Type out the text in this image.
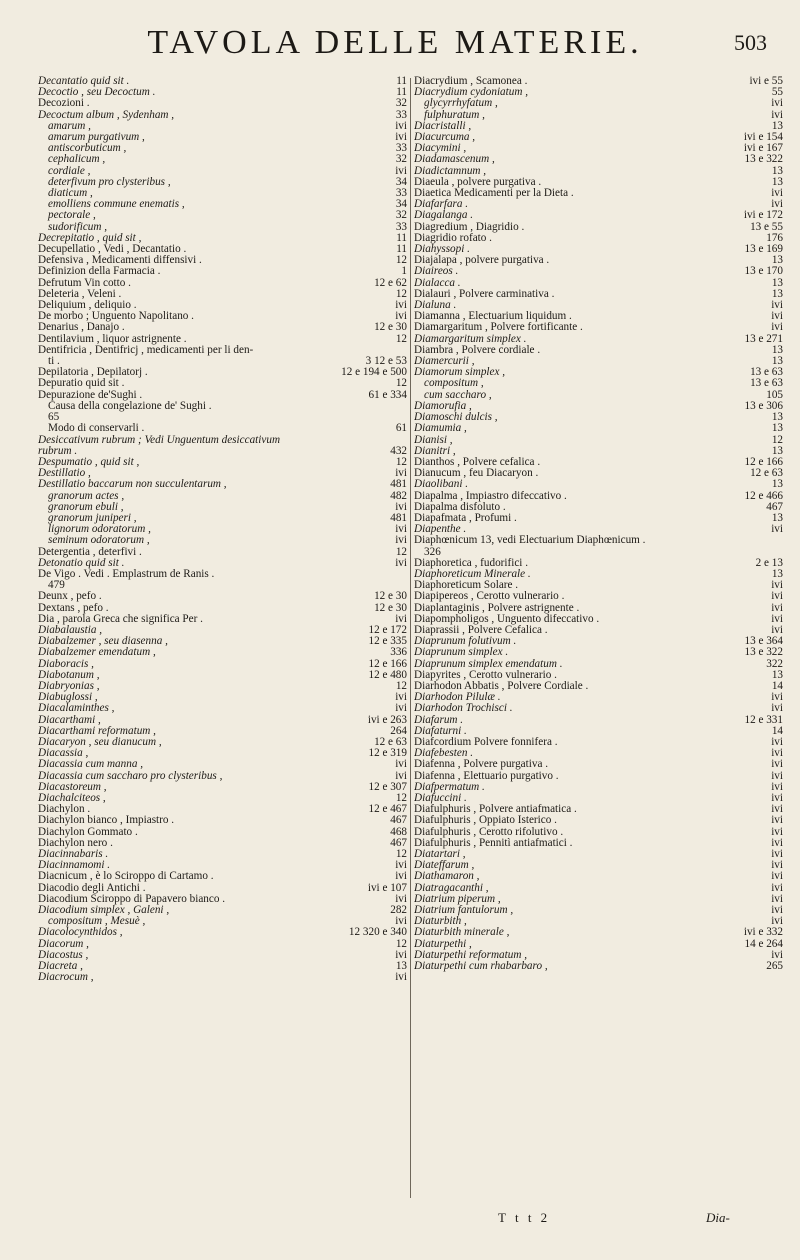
TAVOLA DELLE MATERIE.	503
Decantatio quid sit .	11
Decoctio , seu Decoctum .	11
Decozioni .	32
Decoctum album , Sydenham ,	33
amarum ,	ivi
amarum purgativum ,	ivi
antiscorbuticum ,	33
cephalicum ,	32
cordiale ,	ivi
deterfivum pro clysteribus ,	34
diaticum ,	33
emolliens commune enematis ,	34
pectorale ,	32
sudorificum ,	33
Decrepitatio , quid sit ,	11
Decupellatio , Vedi , Decantatio .	11
Defensiva , Medicamenti diffensivi .	12
Definizion della Farmacia .	1
Defrutum Vin cotto .	12 e 62
Deleteria , Veleni .	12
Deliquium , deliquio .	ivi
De morbo ; Unguento Napolitano .	ivi
Denarius , Danajo .	12 e 30
Dentilavium , liquor astrignente .	12
Dentifricia , Dentifricj , medicamenti per li den-
ti .	3 12 e 53
Depilatoria , Depilatorj .	12 e 194 e 500
Depuratio quid sit .	12
Depurazione de'Sughi .	61 e 334
Causa della congelazione de' Sughi .
65
Modo di conservarli .	61
Desiccativum rubrum ; Vedi Unguentum desiccativum
rubrum .	432
Despumatio , quid sit ,	12
Destillatio ,	ivi
Destillatio baccarum non succulentarum ,	481
granorum actes ,	482
granorum ebuli ,	ivi
granorum juniperi ,	481
lignorum odoratorum ,	ivi
seminum odoratorum ,	ivi
Detergentia , deterfivi .	12
Detonatio quid sit .	ivi
De Vigo . Vedi . Emplastrum de Ranis .
479
Deunx , pefo .	12 e 30
Dextans , pefo .	12 e 30
Dia , parola Greca che significa Per .	ivi
Diabalaustia ,	12 e 172
Diabalzemer , seu diasenna ,	12 e 335
Diabalzemer emendatum ,	336
Diaboracis ,	12 e 166
Diabotanum ,	12 e 480
Diabryonias ,	12
Diabuglossi ,	ivi
Diacalaminthes ,	ivi
Diacarthami ,	ivi e 263
Diacarthami reformatum ,	264
Diacaryon , seu dianucum ,	12 e 63
Diacassia ,	12 e 319
Diacassia cum manna ,	ivi
Diacassia cum saccharo pro clysteribus ,	ivi
Diacastoreum ,	12 e 307
Diachalciteos ,	12
Diachylon .	12 e 467
Diachylon bianco , Impiastro .	467
Diachylon Gommato .	468
Diachylon nero .	467
Diacinnabaris .	12
Diacinnamomi .	ivi
Diacnicum , è lo Sciroppo di Cartamo .	ivi
Diacodio degli Antichi .	ivi e 107
Diacodium Sciroppo di Papavero bianco .	ivi
Diacodium simplex , Galeni ,	282
compositum , Mesuè ,	ivi
Diacolocynthidos ,	12 320 e 340
Diacorum ,	12
Diacostus ,	ivi
Diacreta ,	13
Diacrocum ,	ivi
Diacrydium , Scamonea .	ivi e 55
Diacrydium cydoniatum ,	55
glycyrrhyfatum ,	ivi
fulphuratum ,	ivi
Diacristalli ,	13
Diacurcuma ,	ivi e 154
Diacymini ,	ivi e 167
Diadamascenum ,	13 e 322
Diadictamnum ,	13
Diaeula , polvere purgativa .	13
Diaetica Medicamenti per la Dieta .	ivi
Diafarfara .	ivi
Diagalanga .	ivi e 172
Diagredium , Diagridio .	13 e 55
Diagridio rofato .	176
Diahyssopi .	13 e 169
Diajalapa , polvere purgativa .	13
Diaireos .	13 e 170
Dialacca .	13
Dialauri , Polvere carminativa .	13
Dialuna .	ivi
Diamanna , Electuarium liquidum .	ivi
Diamargaritum , Polvere fortificante .	ivi
Diamargaritum simplex .	13 e 271
Diambra , Polvere cordiale .	13
Diamercurii ,	13
Diamorum simplex ,	13 e 63
compositum ,	13 e 63
cum saccharo ,	105
Diamorufia ,	13 e 306
Diamoschi dulcis ,	13
Diamumia ,	13
Dianisi ,	12
Dianitri ,	13
Dianthos , Polvere cefalica .	12 e 166
Dianucum , feu Diacaryon .	12 e 63
Diaolibani .	13
Diapalma , Impiastro difeccativo .	12 e 466
Diapalma disfoluto .	467
Diapafmata , Profumi .	13
Diapenthe .	ivi
Diaphœnicum 13, vedi Electuarium Diaphœnicum .
326
Diaphoretica , fudorifici .	2 e 13
Diaphoreticum Minerale .	13
Diaphoreticum Solare .	ivi
Diapipereos , Cerotto vulnerario .	ivi
Diaplantaginis , Polvere astrignente .	ivi
Diapompholigos , Unguento difeccativo .	ivi
Diaprassii , Polvere Cefalica .	ivi
Diaprunum folutivum .	13 e 364
Diaprunum simplex .	13 e 322
Diaprunum simplex emendatum .	322
Diapyrites , Cerotto vulnerario .	13
Diarhodon Abbatis , Polvere Cordiale .	14
Diarhodon Pilulæ .	ivi
Diarhodon Trochisci .	ivi
Diafarum .	12 e 331
Diafaturni .	14
Diafcordium Polvere fonnifera .	ivi
Diafebesten .	ivi
Diafenna , Polvere purgativa .	ivi
Diafenna , Elettuario purgativo .	ivi
Diafpermatum .	ivi
Diafuccini .	ivi
Diafulphuris , Polvere antiafmatica .	ivi
Diafulphuris , Oppiato Isterico .	ivi
Diafulphuris , Cerotto rifolutivo .	ivi
Diafulphuris , Pennitì antiafmatici .	ivi
Diatartari ,	ivi
Diateffarum ,	ivi
Diathamaron ,	ivi
Diatragacanthi ,	ivi
Diatrium piperum ,	ivi
Diatrium fantulorum ,	ivi
Diaturbith ,	ivi
Diaturbith minerale ,	ivi e 332
Diaturpethi ,	14 e 264
Diaturpethi reformatum ,	ivi
Diaturpethi cum rhabarbaro ,	265
T t t 2	Dia-
